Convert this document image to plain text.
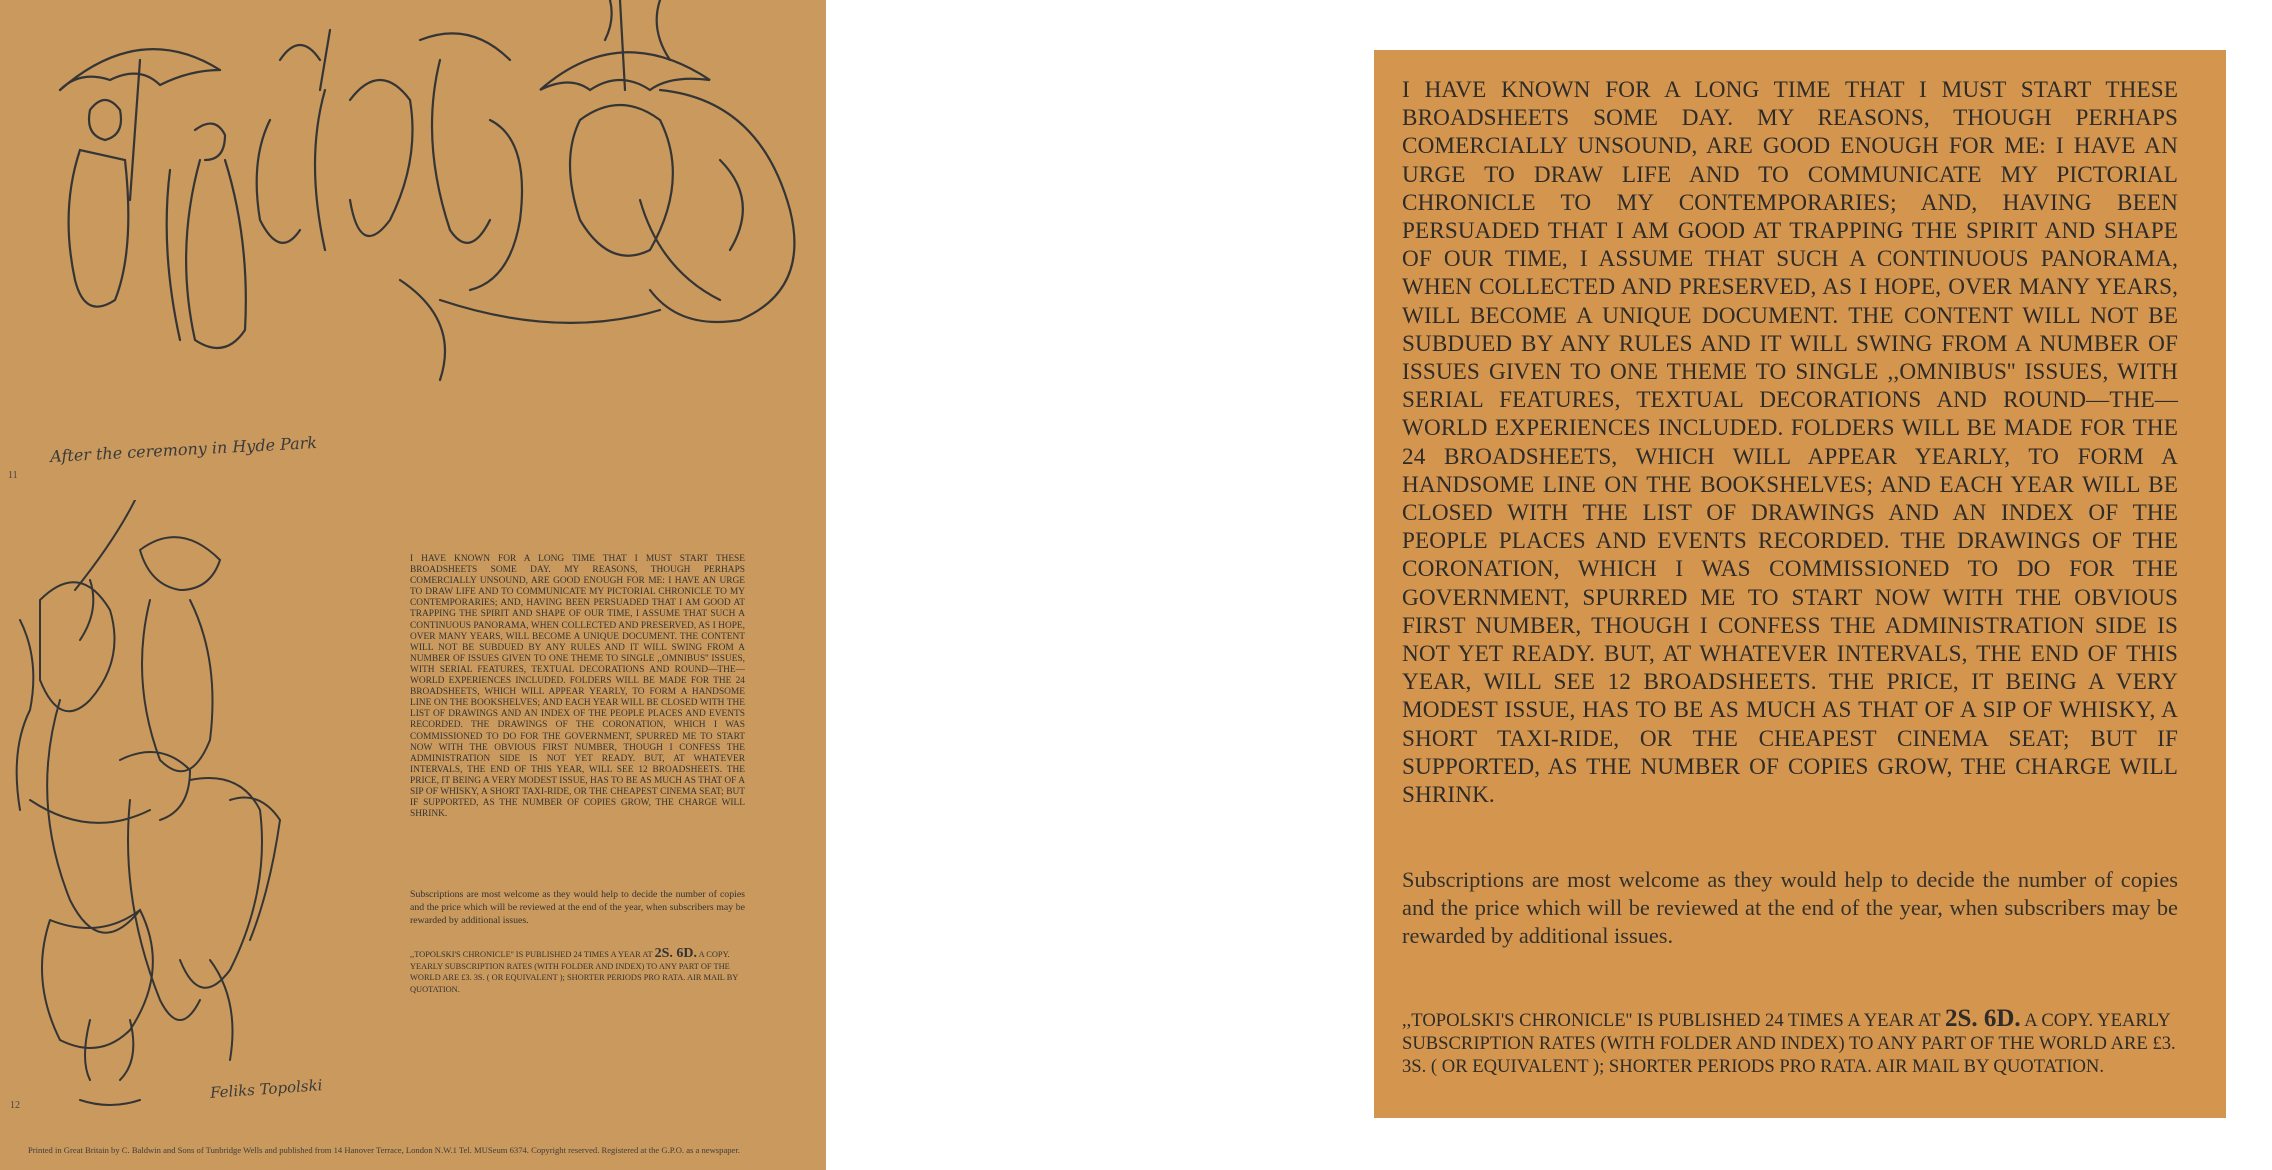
After the ceremony in Hyde Park
11
I HAVE KNOWN FOR A LONG TIME THAT I MUST START THESE BROADSHEETS SOME DAY. MY REASONS, THOUGH PERHAPS COMERCIALLY UNSOUND, ARE GOOD ENOUGH FOR ME: I HAVE AN URGE TO DRAW LIFE AND TO COMMUNICATE MY PICTORIAL CHRONICLE TO MY CONTEMPORARIES; AND, HAVING BEEN PERSUADED THAT I AM GOOD AT TRAPPING THE SPIRIT AND SHAPE OF OUR TIME, I ASSUME THAT SUCH A CONTINUOUS PANORAMA, WHEN COLLECTED AND PRESERVED, AS I HOPE, OVER MANY YEARS, WILL BECOME A UNIQUE DOCUMENT. THE CONTENT WILL NOT BE SUBDUED BY ANY RULES AND IT WILL SWING FROM A NUMBER OF ISSUES GIVEN TO ONE THEME TO SINGLE ,,OMNIBUS'' ISSUES, WITH SERIAL FEATURES, TEXTUAL DECORATIONS AND ROUND—THE—WORLD EXPERIENCES INCLUDED. FOLDERS WILL BE MADE FOR THE 24 BROADSHEETS, WHICH WILL APPEAR YEARLY, TO FORM A HANDSOME LINE ON THE BOOKSHELVES; AND EACH YEAR WILL BE CLOSED WITH THE LIST OF DRAWINGS AND AN INDEX OF THE PEOPLE PLACES AND EVENTS RECORDED. THE DRAWINGS OF THE CORONATION, WHICH I WAS COMMISSIONED TO DO FOR THE GOVERNMENT, SPURRED ME TO START NOW WITH THE OBVIOUS FIRST NUMBER, THOUGH I CONFESS THE ADMINISTRATION SIDE IS NOT YET READY. BUT, AT WHATEVER INTERVALS, THE END OF THIS YEAR, WILL SEE 12 BROADSHEETS. THE PRICE, IT BEING A VERY MODEST ISSUE, HAS TO BE AS MUCH AS THAT OF A SIP OF WHISKY, A SHORT TAXI-RIDE, OR THE CHEAPEST CINEMA SEAT; BUT IF SUPPORTED, AS THE NUMBER OF COPIES GROW, THE CHARGE WILL SHRINK.
Subscriptions are most welcome as they would help to decide the number of copies and the price which will be reviewed at the end of the year, when subscribers may be rewarded by additional issues.
,,TOPOLSKI'S CHRONICLE'' IS PUBLISHED 24 TIMES A YEAR AT 2S. 6D. A COPY. YEARLY SUBSCRIPTION RATES (WITH FOLDER AND INDEX) TO ANY PART OF THE WORLD ARE £3. 3S. ( OR EQUIVALENT ); SHORTER PERIODS PRO RATA. AIR MAIL BY QUOTATION.
Feliks Topolski
12
Printed in Great Britain by C. Baldwin and Sons of Tunbridge Wells and published from 14 Hanover Terrace, London N.W.1 Tel. MUSeum 6374. Copyright reserved. Registered at the G.P.O. as a newspaper.
I HAVE KNOWN FOR A LONG TIME THAT I MUST START THESE BROADSHEETS SOME DAY. MY REASONS, THOUGH PERHAPS COMERCIALLY UNSOUND, ARE GOOD ENOUGH FOR ME: I HAVE AN URGE TO DRAW LIFE AND TO COMMUNICATE MY PICTORIAL CHRONICLE TO MY CONTEMPORARIES; AND, HAVING BEEN PERSUADED THAT I AM GOOD AT TRAPPING THE SPIRIT AND SHAPE OF OUR TIME, I ASSUME THAT SUCH A CONTINUOUS PANORAMA, WHEN COLLECTED AND PRESERVED, AS I HOPE, OVER MANY YEARS, WILL BECOME A UNIQUE DOCUMENT. THE CONTENT WILL NOT BE SUBDUED BY ANY RULES AND IT WILL SWING FROM A NUMBER OF ISSUES GIVEN TO ONE THEME TO SINGLE ,,OMNIBUS'' ISSUES, WITH SERIAL FEATURES, TEXTUAL DECORATIONS AND ROUND—THE—WORLD EXPERIENCES INCLUDED. FOLDERS WILL BE MADE FOR THE 24 BROADSHEETS, WHICH WILL APPEAR YEARLY, TO FORM A HANDSOME LINE ON THE BOOKSHELVES; AND EACH YEAR WILL BE CLOSED WITH THE LIST OF DRAWINGS AND AN INDEX OF THE PEOPLE PLACES AND EVENTS RECORDED. THE DRAWINGS OF THE CORONATION, WHICH I WAS COMMISSIONED TO DO FOR THE GOVERNMENT, SPURRED ME TO START NOW WITH THE OBVIOUS FIRST NUMBER, THOUGH I CONFESS THE ADMINISTRATION SIDE IS NOT YET READY. BUT, AT WHATEVER INTERVALS, THE END OF THIS YEAR, WILL SEE 12 BROADSHEETS. THE PRICE, IT BEING A VERY MODEST ISSUE, HAS TO BE AS MUCH AS THAT OF A SIP OF WHISKY, A SHORT TAXI-RIDE, OR THE CHEAPEST CINEMA SEAT; BUT IF SUPPORTED, AS THE NUMBER OF COPIES GROW, THE CHARGE WILL SHRINK.
Subscriptions are most welcome as they would help to decide the number of copies and the price which will be reviewed at the end of the year, when subscribers may be rewarded by additional issues.
,,TOPOLSKI'S CHRONICLE'' IS PUBLISHED 24 TIMES A YEAR AT 2S. 6D. A COPY. YEARLY SUBSCRIPTION RATES (WITH FOLDER AND INDEX) TO ANY PART OF THE WORLD ARE £3. 3S. ( OR EQUIVALENT ); SHORTER PERIODS PRO RATA. AIR MAIL BY QUOTATION.
